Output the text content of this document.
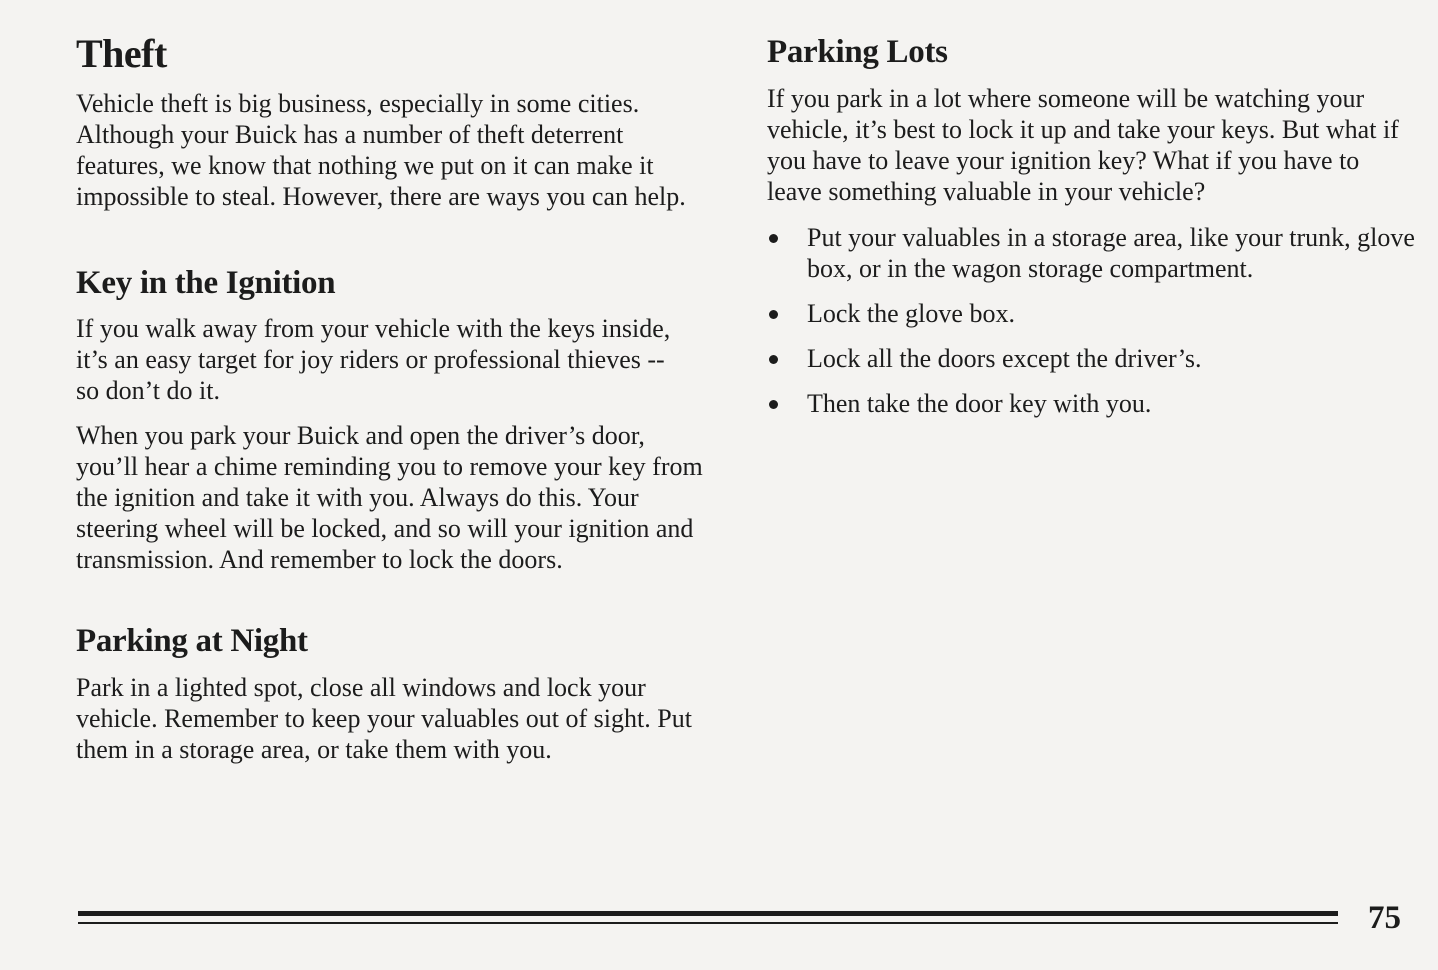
Theft

Vehicle theft is big business, especially in some cities. Although your Buick has a number of theft deterrent features, we know that nothing we put on it can make it impossible to steal. However, there are ways you can help.

Key in the Ignition

If you walk away from your vehicle with the keys inside, it’s an easy target for joy riders or professional thieves -- so don’t do it.

When you park your Buick and open the driver’s door, you’ll hear a chime reminding you to remove your key from the ignition and take it with you. Always do this. Your steering wheel will be locked, and so will your ignition and transmission. And remember to lock the doors.

Parking at Night

Park in a lighted spot, close all windows and lock your vehicle. Remember to keep your valuables out of sight. Put them in a storage area, or take them with you.

Parking Lots

If you park in a lot where someone will be watching your vehicle, it’s best to lock it up and take your keys. But what if you have to leave your ignition key? What if you have to leave something valuable in your vehicle?

Put your valuables in a storage area, like your trunk, glove box, or in the wagon storage compartment.
Lock the glove box.
Lock all the doors except the driver’s.
Then take the door key with you.
75
